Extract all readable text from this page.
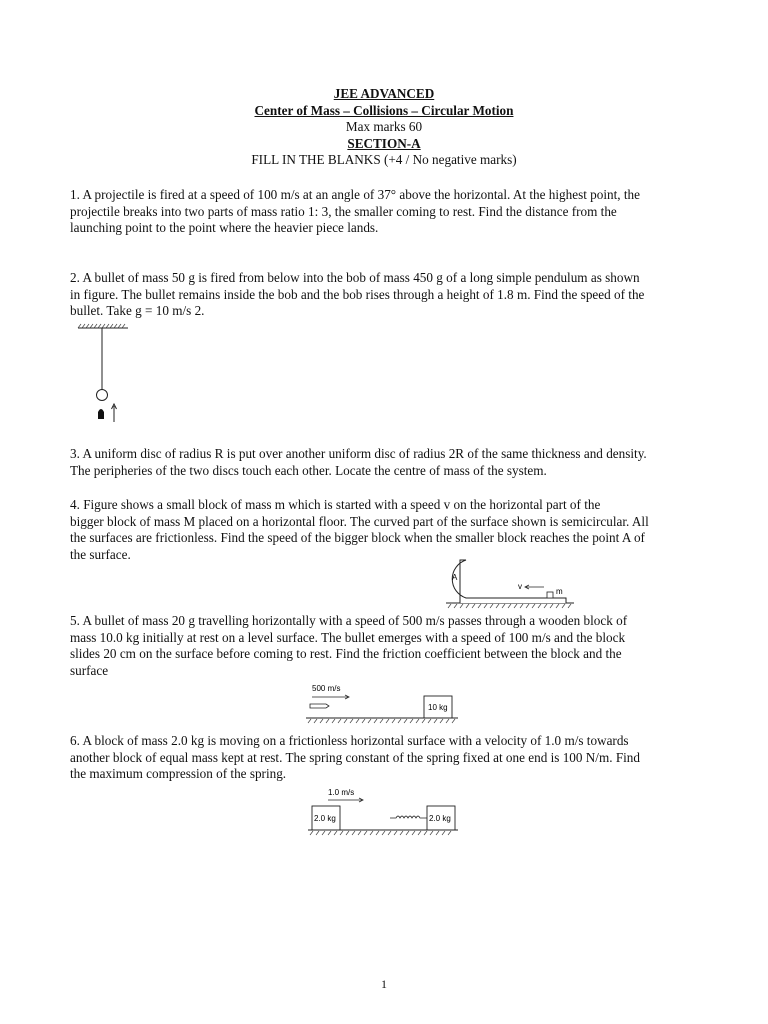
JEE ADVANCED
Center of Mass – Collisions – Circular Motion
Max marks 60
SECTION-A
FILL IN THE BLANKS (+4 / No negative marks)

1. A projectile is fired at a speed of 100 m/s at an angle of 37° above the horizontal. At the highest point, the

projectile breaks into two parts of mass ratio 1: 3, the smaller coming to rest. Find the distance from the

launching point to the point where the heavier piece lands.

2. A bullet of mass 50 g is fired from below into the bob of mass 450 g of a long simple pendulum as shown

in figure. The bullet remains inside the bob and the bob rises through a height of 1.8 m. Find the speed of the

bullet. Take g = 10 m/s 2.

3. A uniform disc of radius R is put over another uniform disc of radius 2R of the same thickness and density.

The peripheries of the two discs touch each other. Locate the centre of mass of the system.

4. Figure shows a small block of mass m which is started with a speed v on the horizontal part of the

bigger block of mass M placed on a horizontal floor. The curved part of the surface shown is semicircular. All

the surfaces are frictionless. Find the speed of the bigger block when the smaller block reaches the point A of

the surface.

A
v
m

5. A bullet of mass 20 g travelling horizontally with a speed of 500 m/s passes through a wooden block of

mass 10.0 kg initially at rest on a level surface. The bullet emerges with a speed of 100 m/s and the block

slides 20 cm on the surface before coming to rest. Find the friction coefficient between the block and the

surface

500 m/s
10 kg

6. A block of mass 2.0 kg is moving on a frictionless horizontal surface with a velocity of 1.0 m/s towards

another block of equal mass kept at rest. The spring constant of the spring fixed at one end is 100 N/m. Find

the maximum compression of the spring.

1.0 m/s
2.0 kg	2.0 kg
1
